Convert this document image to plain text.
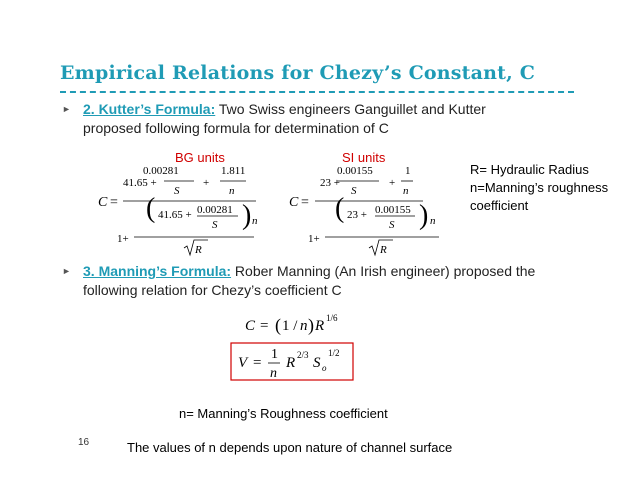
Empirical Relations for Chezy’s Constant, C
► 2. Kutter’s Formula: Two Swiss engineers Ganguillet and Kutter
proposed following formula for determination of C
BG units	SI units
C =
0.00281	1.811
41.65 +	+
S	n
( 41.65 + 0.00281
S ) n
1+
R
C =
0.00155	1
23 +	+
S	n
( 23 + 0.00155
S ) n
1+
R
R= Hydraulic Radius
n=Manning’s roughness
coefficient
► 3. Manning’s Formula: Rober Manning (An Irish engineer) proposed the
following relation for Chezy’s coefficient C
C = ( 1 / n ) R 1/6
V =
1
n
R 2/3 S o
1/2
n= Manning’s Roughness coefficient
16	The values of n depends upon nature of channel surface
